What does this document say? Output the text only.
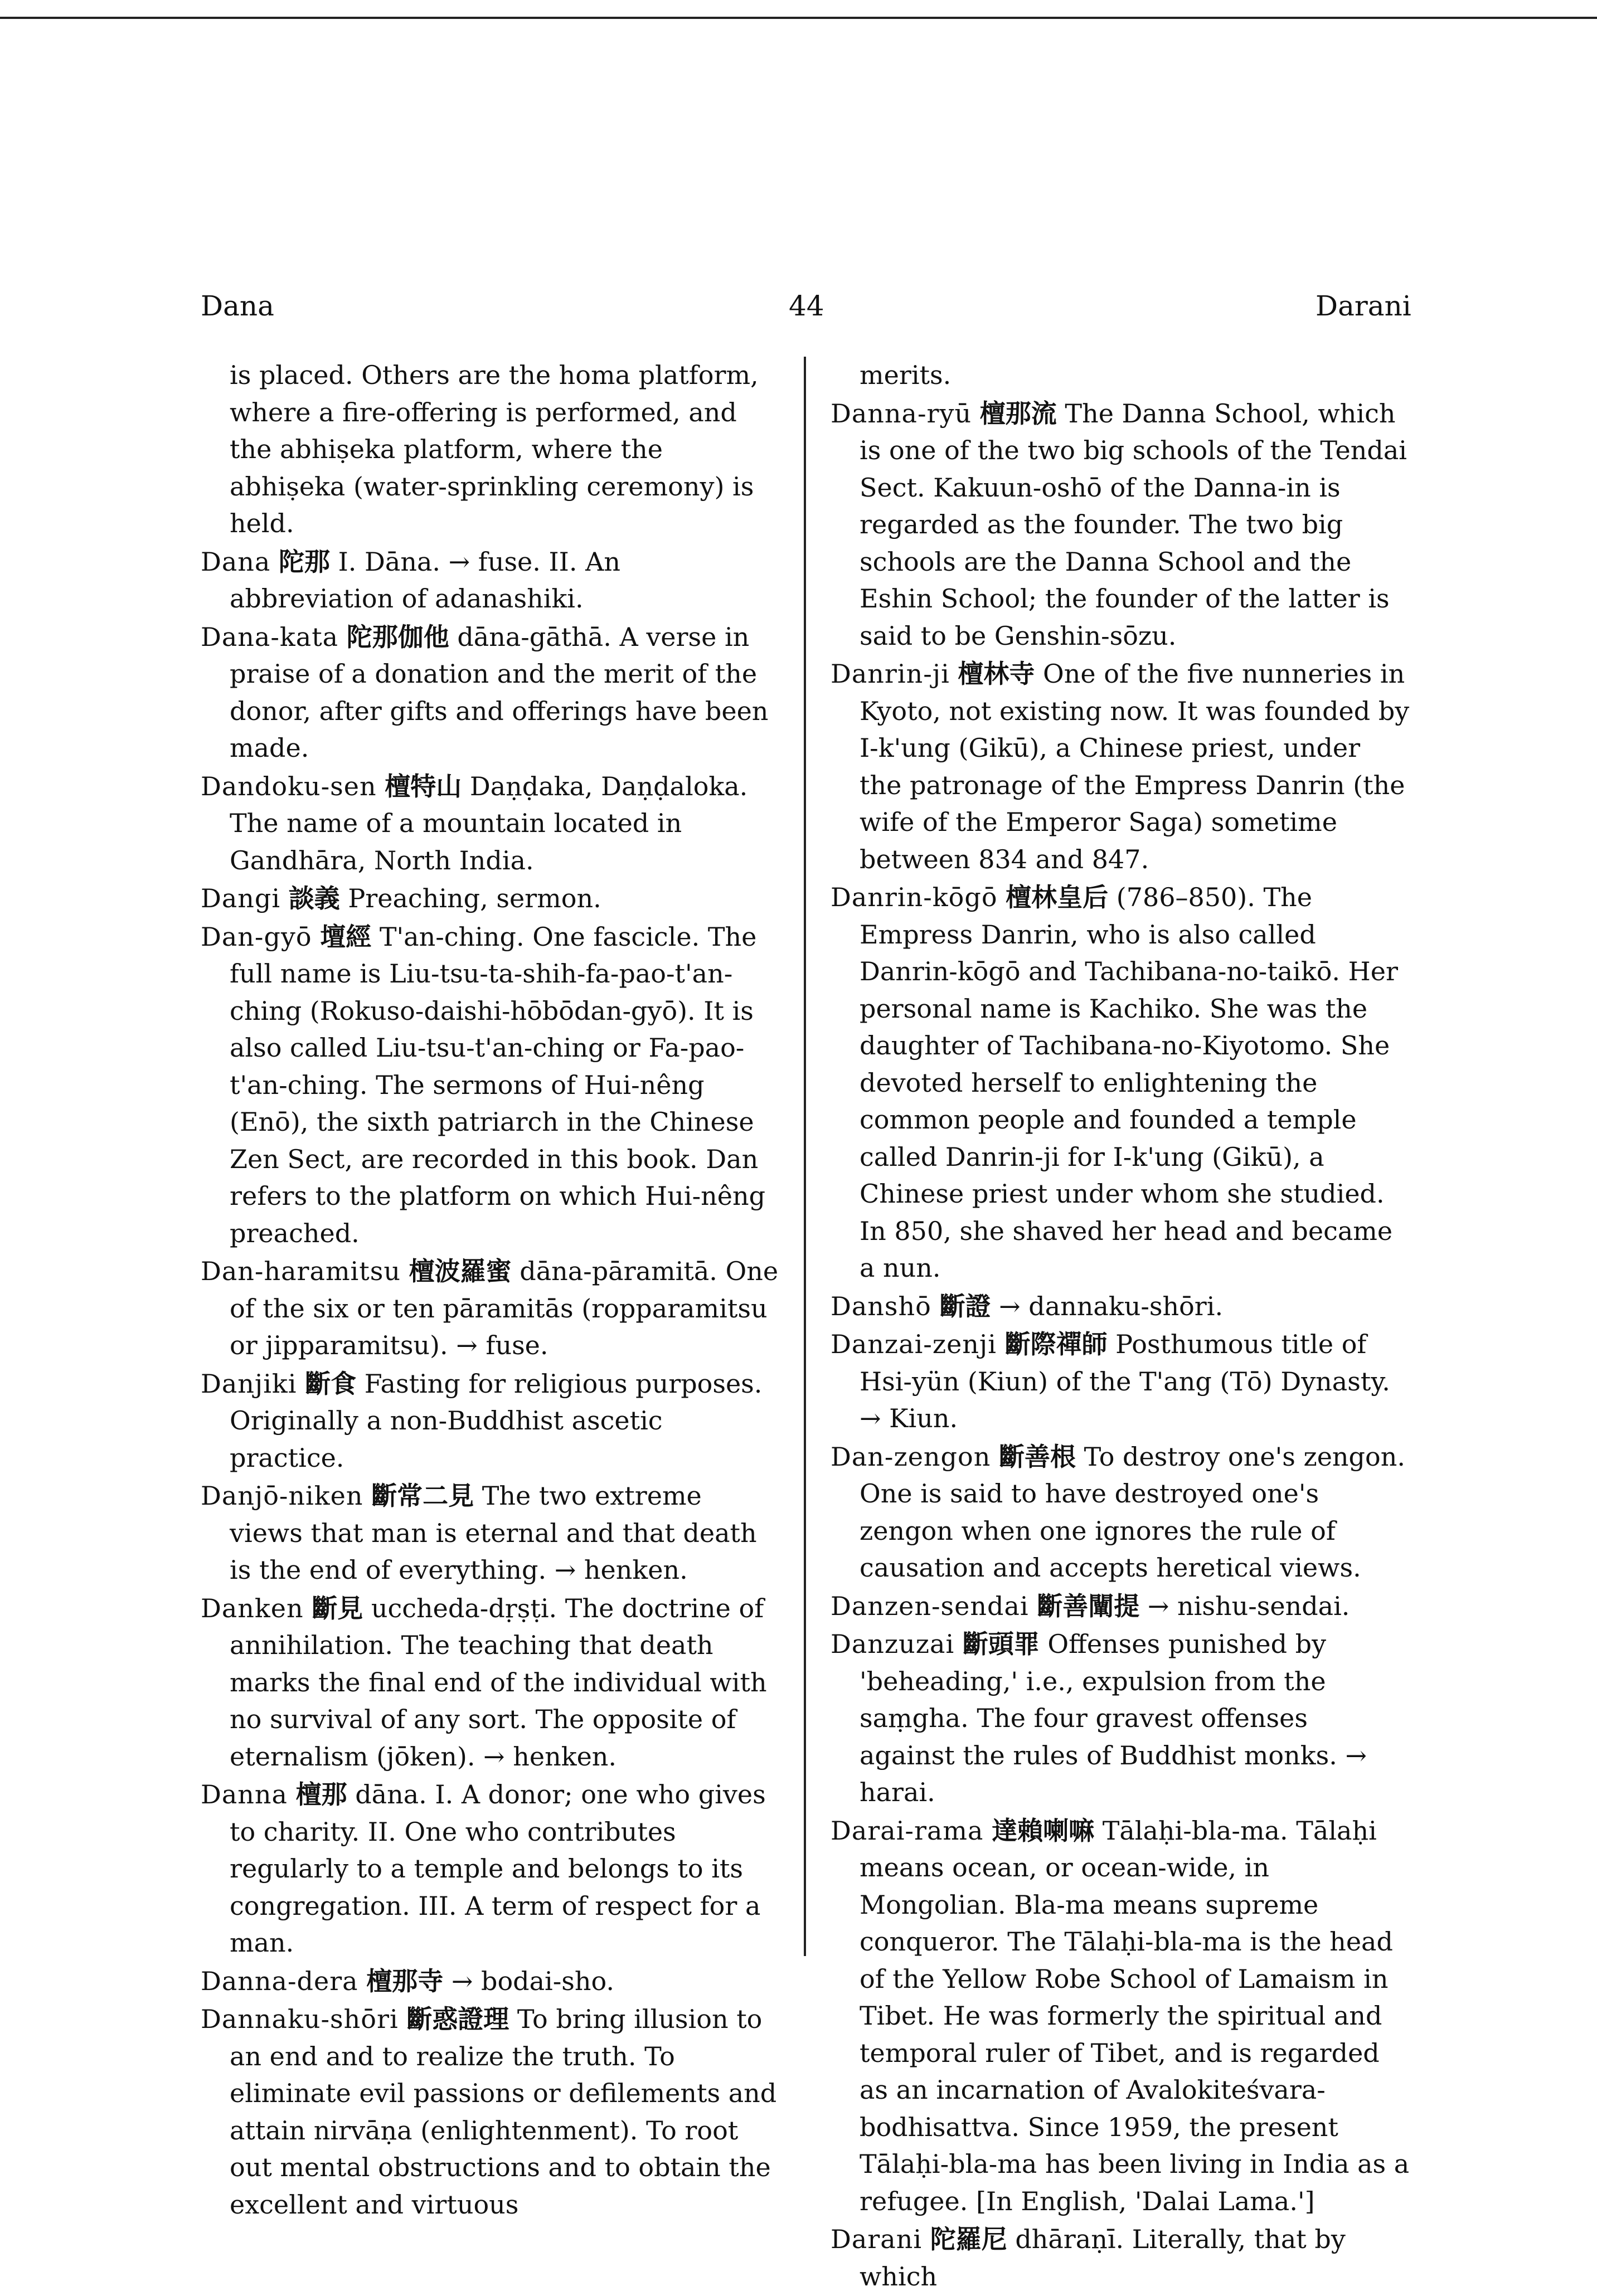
Dana	44	Darani

is placed. Others are the homa platform, where a fire-offering is performed, and the abhiṣeka platform, where the abhiṣeka (water-sprinkling ceremony) is held.

Dana 陀那 I. Dāna. → fuse. II. An abbreviation of adanashiki.

Dana-kata 陀那伽他 dāna-gāthā. A verse in praise of a donation and the merit of the donor, after gifts and offerings have been made.

Dandoku-sen 檀特山 Daṇḍaka, Daṇḍaloka. The name of a mountain located in Gandhāra, North India.

Dangi 談義 Preaching, sermon.

Dan-gyō 壇經 T'an-ching. One fascicle. The full name is Liu-tsu-ta-shih-fa-pao-t'an-ching (Rokuso-daishi-hōbōdan-gyō). It is also called Liu-tsu-t'an-ching or Fa-pao-t'an-ching. The sermons of Hui-nêng (Enō), the sixth patriarch in the Chinese Zen Sect, are recorded in this book. Dan refers to the platform on which Hui-nêng preached.

Dan-haramitsu 檀波羅蜜 dāna-pāramitā. One of the six or ten pāramitās (ropparamitsu or jipparamitsu). → fuse.

Danjiki 斷食 Fasting for religious purposes. Originally a non-Buddhist ascetic practice.

Danjō-niken 斷常二見 The two extreme views that man is eternal and that death is the end of everything. → henken.

Danken 斷見 uccheda-dṛṣṭi. The doctrine of annihilation. The teaching that death marks the final end of the individual with no survival of any sort. The opposite of eternalism (jōken). → henken.

Danna 檀那 dāna. I. A donor; one who gives to charity. II. One who contributes regularly to a temple and belongs to its congregation. III. A term of respect for a man.

Danna-dera 檀那寺 → bodai-sho.

Dannaku-shōri 斷惑證理 To bring illusion to an end and to realize the truth. To eliminate evil passions or defilements and attain nirvāṇa (enlightenment). To root out mental obstructions and to obtain the excellent and virtuous

merits.

Danna-ryū 檀那流 The Danna School, which is one of the two big schools of the Tendai Sect. Kakuun-oshō of the Danna-in is regarded as the founder. The two big schools are the Danna School and the Eshin School; the founder of the latter is said to be Genshin-sōzu.

Danrin-ji 檀林寺 One of the five nunneries in Kyoto, not existing now. It was founded by I-k'ung (Gikū), a Chinese priest, under the patronage of the Empress Danrin (the wife of the Emperor Saga) sometime between 834 and 847.

Danrin-kōgō 檀林皇后 (786–850). The Empress Danrin, who is also called Danrin-kōgō and Tachibana-no-taikō. Her personal name is Kachiko. She was the daughter of Tachibana-no-Kiyotomo. She devoted herself to enlightening the common people and founded a temple called Danrin-ji for I-k'ung (Gikū), a Chinese priest under whom she studied. In 850, she shaved her head and became a nun.

Danshō 斷證 → dannaku-shōri.

Danzai-zenji 斷際禪師 Posthumous title of Hsi-yün (Kiun) of the T'ang (Tō) Dynasty. → Kiun.

Dan-zengon 斷善根 To destroy one's zengon. One is said to have destroyed one's zengon when one ignores the rule of causation and accepts heretical views.

Danzen-sendai 斷善闡提 → nishu-sendai.

Danzuzai 斷頭罪 Offenses punished by 'beheading,' i.e., expulsion from the saṃgha. The four gravest offenses against the rules of Buddhist monks. → harai.

Darai-rama 達賴喇嘛 Tālaḥi-bla-ma. Tālaḥi means ocean, or ocean-wide, in Mongolian. Bla-ma means supreme conqueror. The Tālaḥi-bla-ma is the head of the Yellow Robe School of Lamaism in Tibet. He was formerly the spiritual and temporal ruler of Tibet, and is regarded as an incarnation of Avalokiteśvara-bodhisattva. Since 1959, the present Tālaḥi-bla-ma has been living in India as a refugee. [In English, 'Dalai Lama.']

Darani 陀羅尼 dhāraṇī. Literally, that by which
